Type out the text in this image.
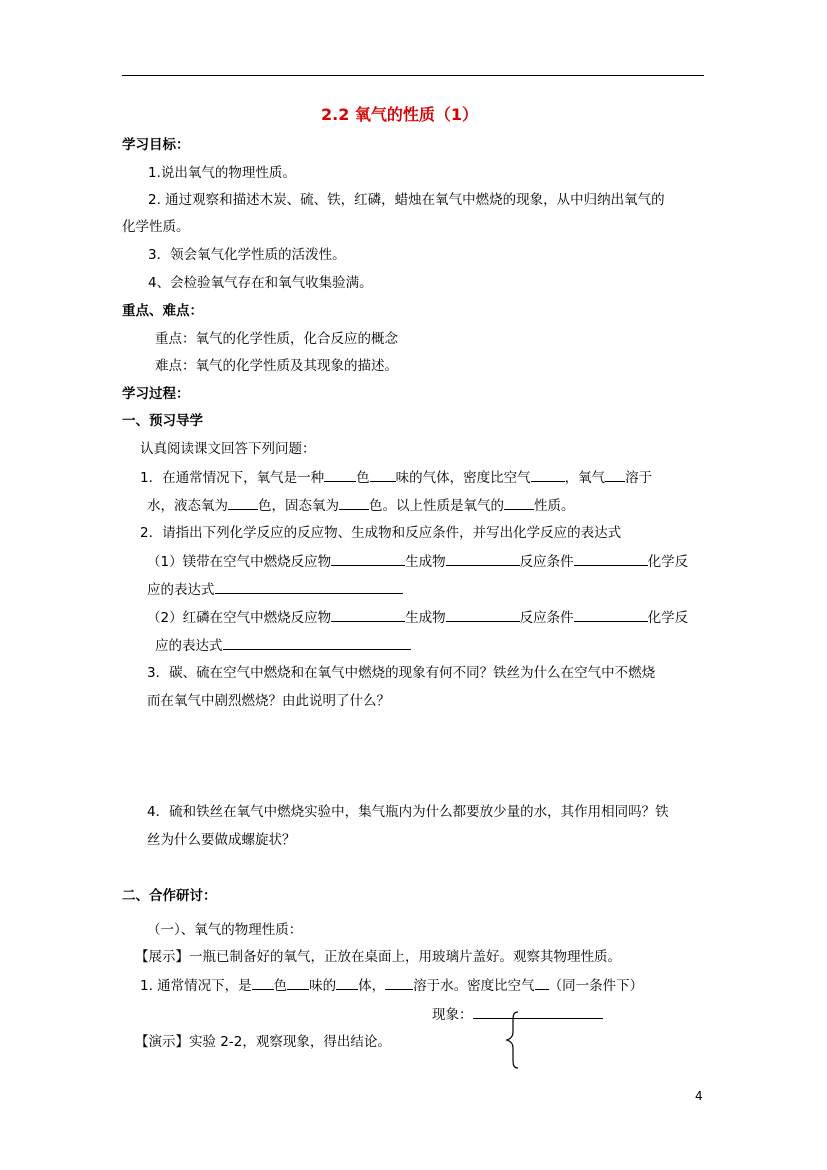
2.2 氧气的性质（1）
学习目标：
1.说出氧气的物理性质。
2. 通过观察和描述木炭、硫、铁，红磷，蜡烛在氧气中燃烧的现象，从中归纳出氧气的
化学性质。
3．领会氧气化学性质的活泼性。
4、会检验氧气存在和氧气收集验满。
重点、难点：
重点：氧气的化学性质，化合反应的概念
难点：氧气的化学性质及其现象的描述。
学习过程：
一、预习导学
认真阅读课文回答下列问题：
1．在通常情况下，氧气是一种 色 味的气体，密度比空气	，氧气 溶于
水，液态氧为 色，固态氧为 色。以上性质是氧气的 性质。
2．请指出下列化学反应的反应物、生成物和反应条件，并写出化学反应的表达式
（1）镁带在空气中燃烧反应物	生成物	反应条件	化学反
应的表达式
（2）红磷在空气中燃烧反应物	生成物	反应条件	化学反
应的表达式
3．碳、硫在空气中燃烧和在氧气中燃烧的现象有何不同？铁丝为什么在空气中不燃烧
而在氧气中剧烈燃烧？由此说明了什么？
4．硫和铁丝在氧气中燃烧实验中，集气瓶内为什么都要放少量的水，其作用相同吗？铁
丝为什么要做成螺旋状？
二、合作研讨：
（一）、氧气的物理性质：
【展示】一瓶已制备好的氧气，正放在桌面上，用玻璃片盖好。观察其物理性质。
1. 通常情况下，是 色 味的 体， 溶于水。密度比空气 （同一条件下）
现象：
【演示】实验 2-2，观察现象，得出结论。
4
